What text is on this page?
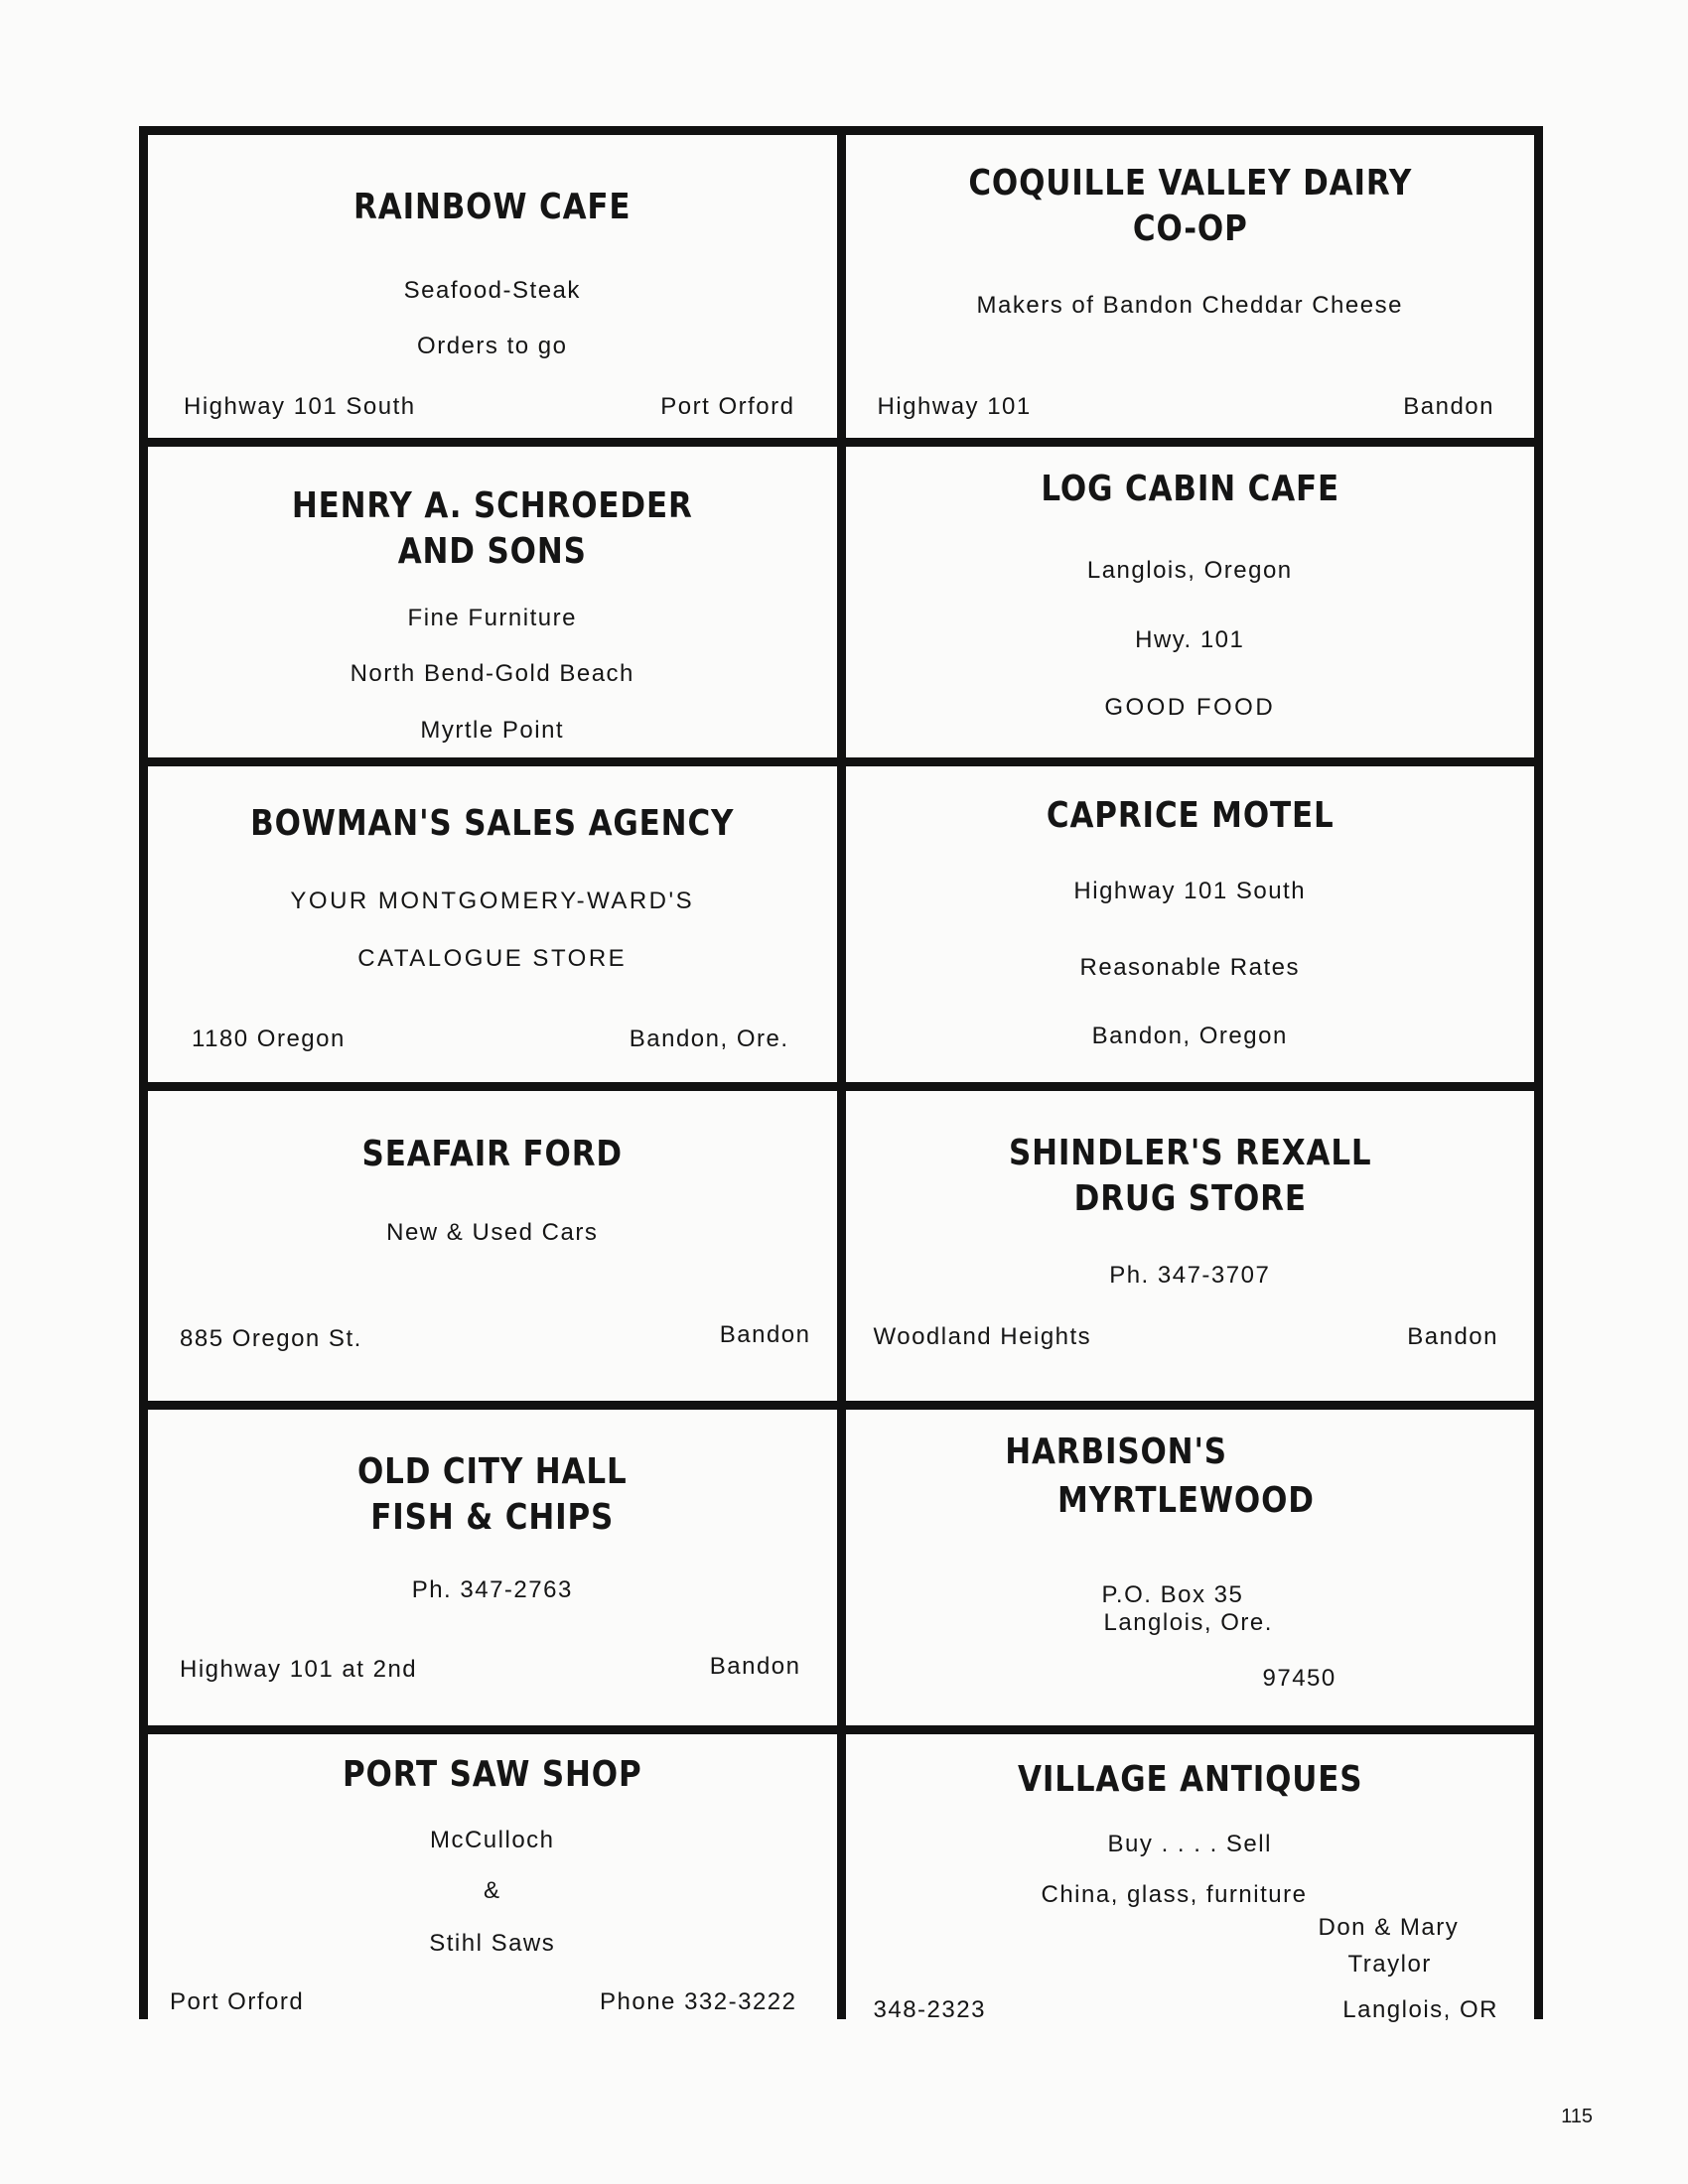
RAINBOW CAFE
Seafood-Steak
Orders to go
Highway 101 South	Port Orford
COQUILLE VALLEY DAIRY
CO-OP
Makers of Bandon Cheddar Cheese
Highway 101	Bandon
HENRY A. SCHROEDER
AND SONS
Fine Furniture
North Bend-Gold Beach
Myrtle Point
LOG CABIN CAFE
Langlois, Oregon
Hwy. 101
GOOD FOOD
BOWMAN'S SALES AGENCY
YOUR MONTGOMERY-WARD'S
CATALOGUE STORE
1180 Oregon	Bandon, Ore.
CAPRICE MOTEL
Highway 101 South
Reasonable Rates
Bandon, Oregon
SEAFAIR FORD
New & Used Cars
885 Oregon St.	Bandon
SHINDLER'S REXALL
DRUG STORE
Ph. 347-3707
Woodland Heights	Bandon
OLD CITY HALL
FISH & CHIPS
Ph. 347-2763
Highway 101 at 2nd	Bandon
HARBISON'S
MYRTLEWOOD
P.O. Box 35
Langlois, Ore.
97450
PORT SAW SHOP
McCulloch
&
Stihl Saws
Port Orford	Phone 332-3222
VILLAGE ANTIQUES
Buy . . . . Sell
China, glass, furniture
Don & Mary
Traylor
348-2323	Langlois, OR
115
